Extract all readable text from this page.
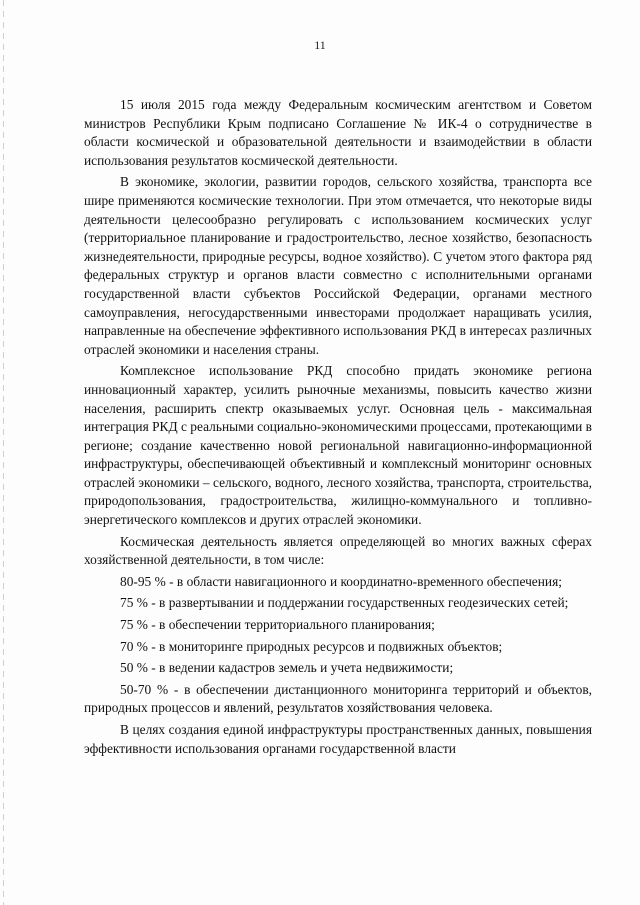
11

15 июля 2015 года между Федеральным космическим агентством и Советом министров Республики Крым подписано Соглашение № ИК-4 о сотрудничестве в области космической и образовательной деятельности и взаимодействии в области использования результатов космической деятельности.

В экономике, экологии, развитии городов, сельского хозяйства, транспорта все шире применяются космические технологии. При этом отмечается, что некоторые виды деятельности целесообразно регулировать с использованием космических услуг (территориальное планирование и градостроительство, лесное хозяйство, безопасность жизнедеятельности, природные ресурсы, водное хозяйство). С учетом этого фактора ряд федеральных структур и органов власти совместно с исполнительными органами государственной власти субъектов Российской Федерации, органами местного самоуправления, негосударственными инвесторами продолжает наращивать усилия, направленные на обеспечение эффективного использования РКД в интересах различных отраслей экономики и населения страны.

Комплексное использование РКД способно придать экономике региона инновационный характер, усилить рыночные механизмы, повысить качество жизни населения, расширить спектр оказываемых услуг. Основная цель - максимальная интеграция РКД с реальными социально-экономическими процессами, протекающими в регионе; создание качественно новой региональной навигационно-информационной инфраструктуры, обеспечивающей объективный и комплексный мониторинг основных отраслей экономики – сельского, водного, лесного хозяйства, транспорта, строительства, природопользования, градостроительства, жилищно-коммунального и топливно-энергетического комплексов и других отраслей экономики.

Космическая деятельность является определяющей во многих важных сферах хозяйственной деятельности, в том числе:

80-95 % - в области навигационного и координатно-временного обеспечения;

75 % - в развертывании и поддержании государственных геодезических сетей;

75 % - в обеспечении территориального планирования;

70 % - в мониторинге природных ресурсов и подвижных объектов;

50 % - в ведении кадастров земель и учета недвижимости;

50-70 % - в обеспечении дистанционного мониторинга территорий и объектов, природных процессов и явлений, результатов хозяйствования человека.

В целях создания единой инфраструктуры пространственных данных, повышения эффективности использования органами государственной власти
